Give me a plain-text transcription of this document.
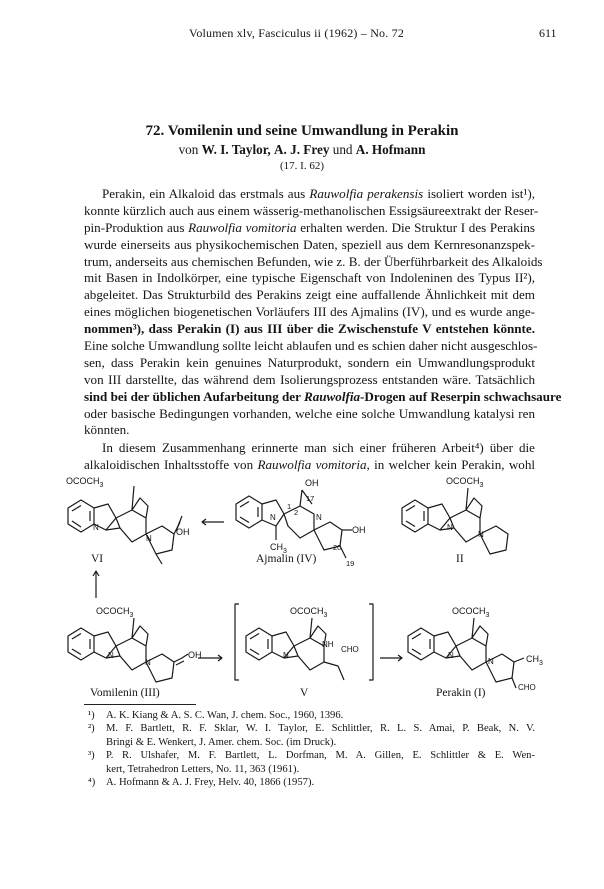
Volumen xlv, Fasciculus ii (1962) – No. 72	611
72. Vomilenin und seine Umwandlung in Perakin
von W. I. Taylor, A. J. Frey und A. Hofmann
(17. I. 62)
Perakin, ein Alkaloid das erstmals aus Rauwolfia perakensis isoliert worden ist¹),
konnte kürzlich auch aus einem wässerig-methanolischen Essigsäureextrakt der Reser-
pin-Produktion aus Rauwolfia vomitoria erhalten werden. Die Struktur I des Perakins
wurde einerseits aus physikochemischen Daten, speziell aus dem Kernresonanzspek-
trum, anderseits aus chemischen Befunden, wie z. B. der Überführbarkeit des Alkaloids
mit Basen in Indolkörper, eine typische Eigenschaft von Indoleninen des Typus II²),
abgeleitet. Das Strukturbild des Perakins zeigt eine auffallende Ähnlichkeit mit dem
eines möglichen biogenetischen Vorläufers III des Ajmalins (IV), und es wurde ange-
nommen³), dass Perakin (I) aus III über die Zwischenstufe V entstehen könnte.
Eine solche Umwandlung sollte leicht ablaufen und es schien daher nicht ausgeschlos-
sen, dass Perakin kein genuines Naturprodukt, sondern ein Umwandlungsprodukt
von III darstellte, das während dem Isolierungsprozess entstanden wäre. Tatsächlich
sind bei der üblichen Aufarbeitung der Rauwolfia-Drogen auf Reserpin schwachsaure
oder basische Bedingungen vorhanden, welche eine solche Umwandlung katalysi ren
könnten.
In diesem Zusammenhang erinnerte man sich einer früheren Arbeit⁴) über die
alkaloidischen Inhaltsstoffe von Rauwolfia vomitoria, in welcher kein Perakin, wohl
$OCOCH_3$
N
N
OH
OH
1
2
17
N	N
OH
$CH_3$	20
19
$OCOCH_3$
N
N
VI	Ajmalin (IV)	II
$OCOCH_3$
N
N
OH
$OCOCH_3$
N
NH
CHO
$OCOCH_3$
N
N	$CH_3$
CHO
Vomilenin (III)	V	Perakin (I)
¹) A. K. Kiang & A. S. C. Wan, J. chem. Soc., 1960, 1396.
²) M. F. Bartlett, R. F. Sklar, W. I. Taylor, E. Schlittler, R. L. S. Amai, P. Beak, N. V.
Bringi & E. Wenkert, J. Amer. chem. Soc. (im Druck).
³) P. R. Ulshafer, M. F. Bartlett, L. Dorfman, M. A. Gillen, E. Schlittler & E. Wen-
kert, Tetrahedron Letters, No. 11, 363 (1961).
⁴) A. Hofmann & A. J. Frey, Helv. 40, 1866 (1957).
